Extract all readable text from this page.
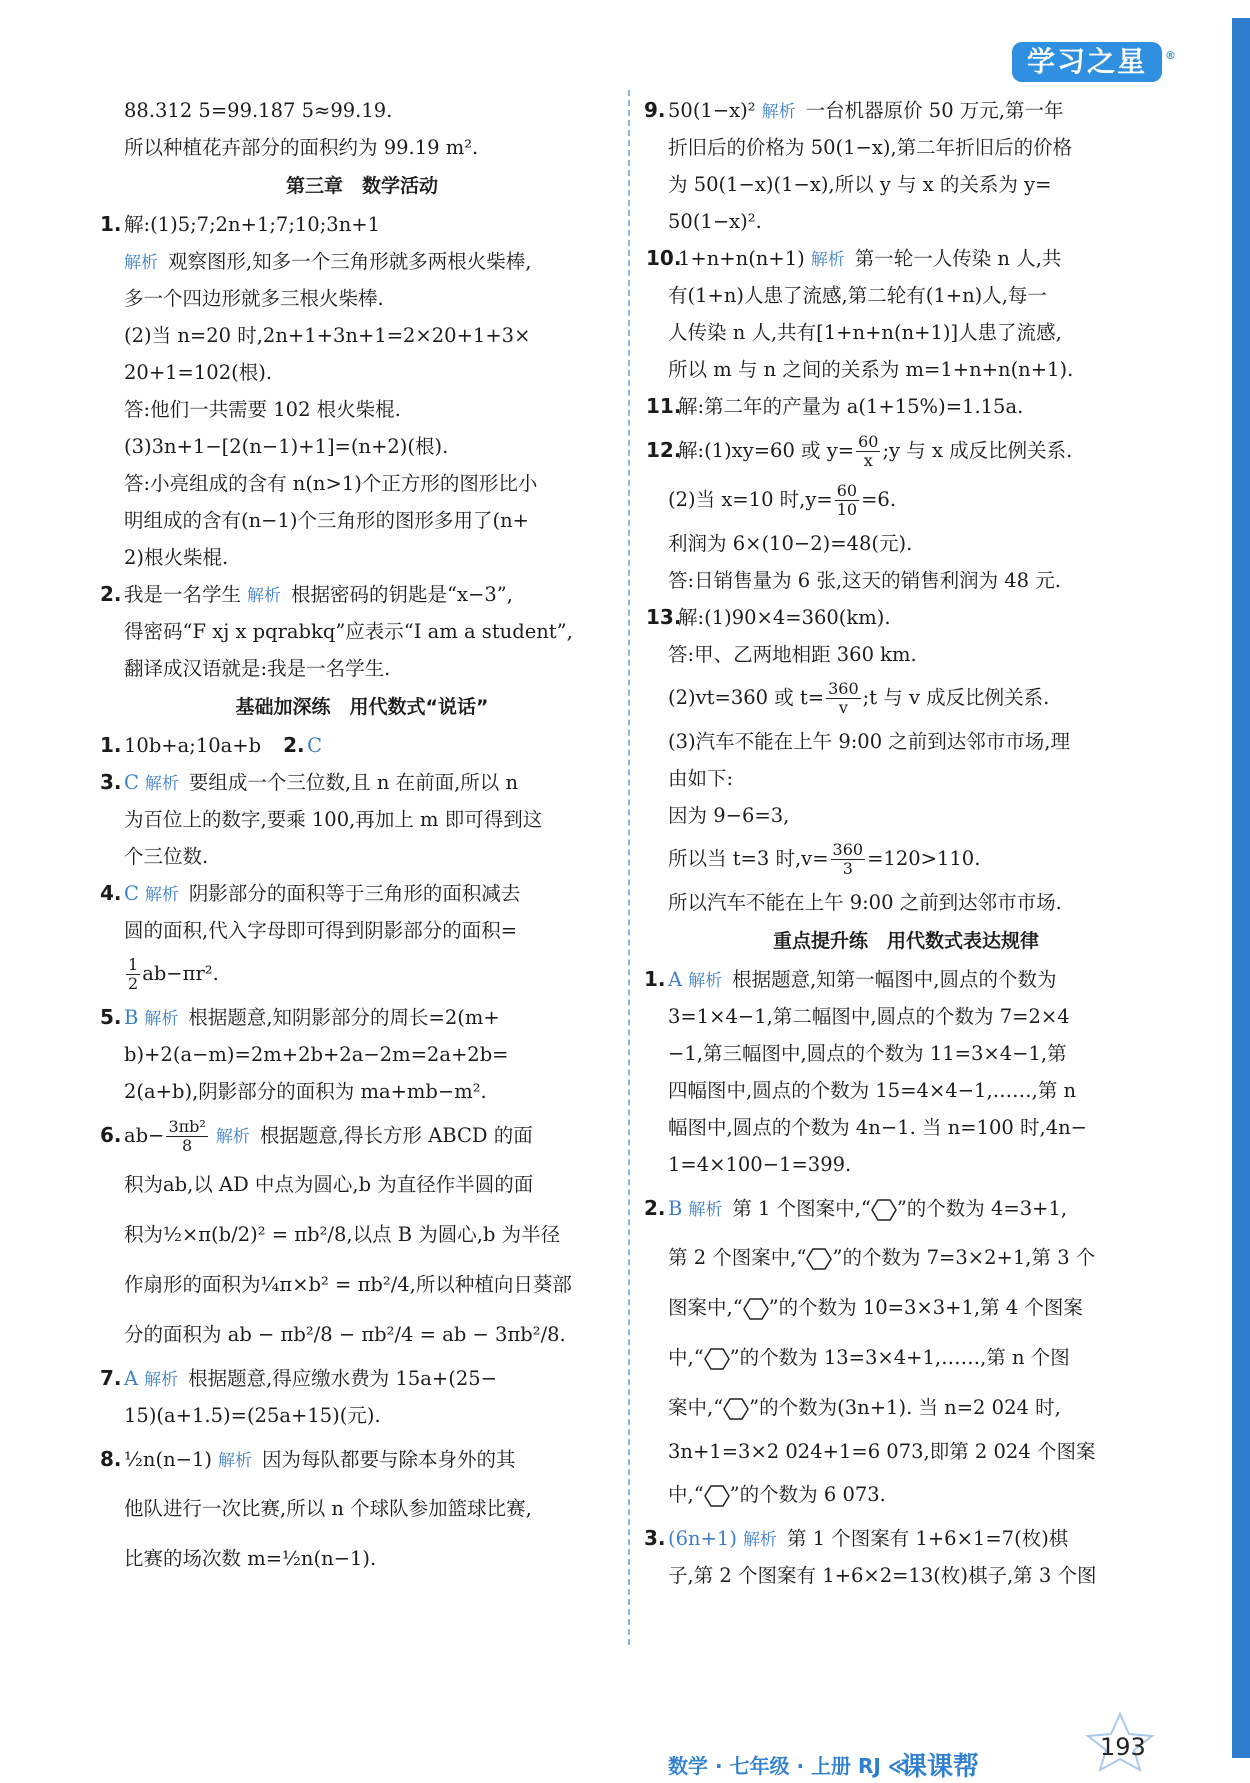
学习之星 ®
88.312 5=99.187 5≈99.19.
所以种植花卉部分的面积约为 99.19 m².
第三章　数学活动
1. 解:(1)5;7;2n+1;7;10;3n+1
解析 观察图形,知多一个三角形就多两根火柴棒,
多一个四边形就多三根火柴棒.
(2)当 n=20 时,2n+1+3n+1=2×20+1+3×
20+1=102(根).
答:他们一共需要 102 根火柴棍.
(3)3n+1−[2(n−1)+1]=(n+2)(根).
答:小亮组成的含有 n(n>1)个正方形的图形比小
明组成的含有(n−1)个三角形的图形多用了(n+
2)根火柴棍.
2. 我是一名学生 解析 根据密码的钥匙是“x−3”,
得密码“F xj x pqrabkq”应表示“I am a student”,
翻译成汉语就是:我是一名学生.
基础加深练　用代数式“说话”
1. 10b+a;10a+b 2. C
3. C 解析 要组成一个三位数,且 n 在前面,所以 n
为百位上的数字,要乘 100,再加上 m 即可得到这
个三位数.
4. C 解析 阴影部分的面积等于三角形的面积减去
圆的面积,代入字母即可得到阴影部分的面积=
$\frac{1}{2} ab-\pi r^2$.
5. B 解析 根据题意,知阴影部分的周长=2(m+
b)+2(a−m)=2m+2b+2a−2m=2a+2b=
2(a+b),阴影部分的面积为 ma+mb−m².
6. $ab- \frac{\text{3πb²}}{8}$ 解析 根据题意,得长方形 ABCD 的面
积为ab,以 AD 中点为圆心,b 为直径作半圆的面
积为½×π(b/2)² = πb²/8,以点 B 为圆心,b 为半径
作扇形的面积为¼π×b² = πb²/4,所以种植向日葵部
分的面积为 ab − πb²/8 − πb²/4 = ab − 3πb²/8.
7. A 解析 根据题意,得应缴水费为 15a+(25−
15)(a+1.5)=(25a+15)(元).
8. ½n(n−1) 解析 因为每队都要与除本身外的其
他队进行一次比赛,所以 n 个球队参加篮球比赛,
比赛的场次数 m=½n(n−1).
9. 50(1−x)² 解析 一台机器原价 50 万元,第一年
折旧后的价格为 50(1−x),第二年折旧后的价格
为 50(1−x)(1−x),所以 y 与 x 的关系为 y=
50(1−x)².
10.1+n+n(n+1) 解析 第一轮一人传染 n 人,共
有(1+n)人患了流感,第二轮有(1+n)人,每一
人传染 n 人,共有[1+n+n(n+1)]人患了流感,
所以 m 与 n 之间的关系为 m=1+n+n(n+1).
11.解:第二年的产量为 a(1+15%)=1.15a.
12.解:(1)xy=60 或 $y= \frac{60}{x}$ ;y 与 x 成反比例关系.
(2)当 x=10 时$,y= \frac{60}{10} =6$.
利润为 6×(10−2)=48(元).
答:日销售量为 6 张,这天的销售利润为 48 元.
13.解:(1)90×4=360(km).
答:甲、乙两地相距 360 km.
(2)vt=360 或 $t= \frac{360}{v}$ ;t 与 v 成反比例关系.
(3)汽车不能在上午 9:00 之前到达邻市市场,理
由如下:
因为 9−6=3,
所以当 t=3 时$,v= \frac{360}{3} =120>110$.
所以汽车不能在上午 9:00 之前到达邻市市场.
重点提升练　用代数式表达规律
1. A 解析 根据题意,知第一幅图中,圆点的个数为
3=1×4−1,第二幅图中,圆点的个数为 7=2×4
−1,第三幅图中,圆点的个数为 11=3×4−1,第
四幅图中,圆点的个数为 15=4×4−1,……,第 n
幅图中,圆点的个数为 4n−1. 当 n=100 时,4n−
1=4×100−1=399.
2. B 解析 第 1 个图案中,“ ”的个数为 4=3+1,
第 2 个图案中,“ ”的个数为 7=3×2+1,第 3 个
图案中,“ ”的个数为 10=3×3+1,第 4 个图案
中,“ ”的个数为 13=3×4+1,……,第 n 个图
案中,“ ”的个数为(3n+1). 当 n=2 024 时,
3n+1=3×2 024+1=6 073,即第 2 024 个图案
中,“ ”的个数为 6 073.
3. (6n+1) 解析 第 1 个图案有 1+6×1=7(枚)棋
子,第 2 个图案有 1+6×2=13(枚)棋子,第 3 个图
数学 · 七年级 · 上册 RJ ≪
课课帮
193
